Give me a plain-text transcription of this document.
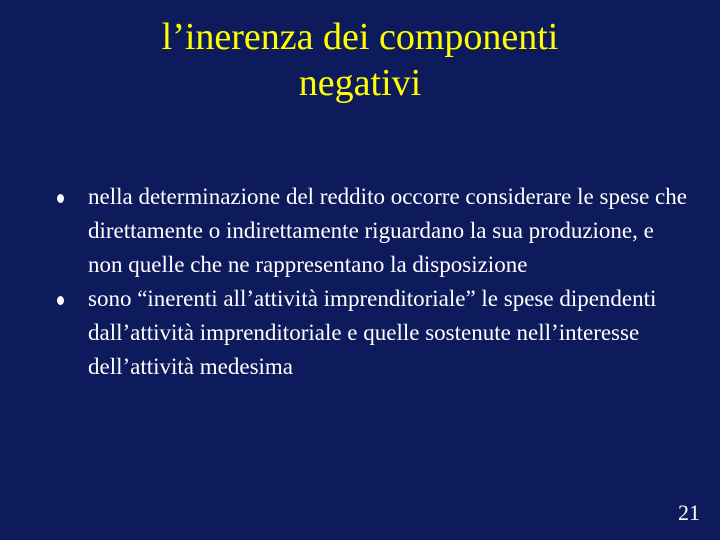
l’inerenza dei componenti
negativi
nella determinazione del reddito occorre considerare le spese che direttamente o indirettamente riguardano la sua produzione, e non quelle che ne rappresentano la disposizione
sono “inerenti all’attività imprenditoriale” le spese dipendenti dall’attività imprenditoriale e quelle sostenute nell’interesse dell’attività medesima
21
